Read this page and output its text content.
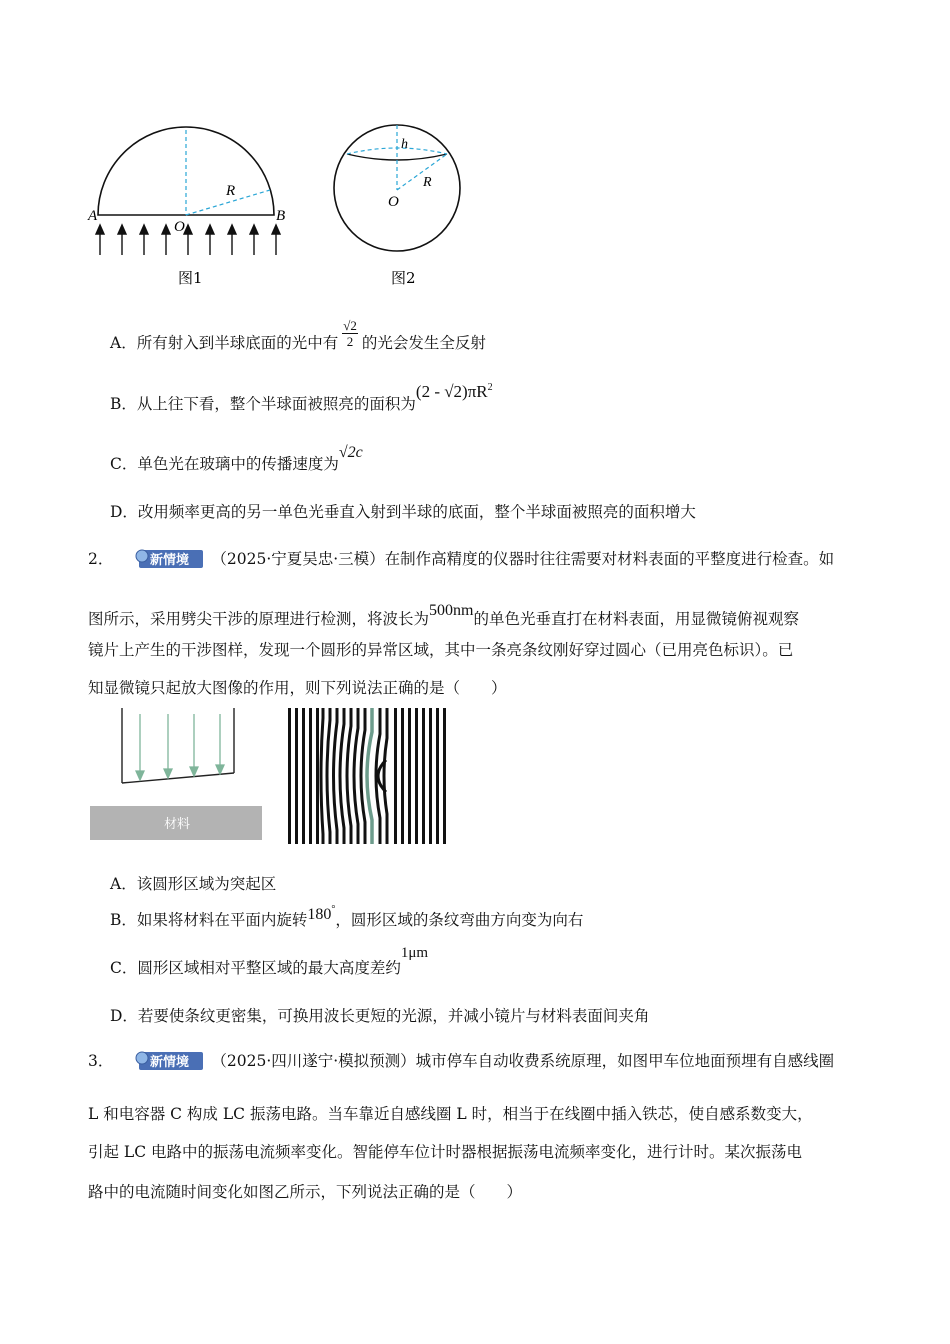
A	B
O
R
图1
h
R
O
图2
A．所有射入到半球底面的光中有 $\frac{√2}{2}$ 的光会发生全反射
B．从上往下看，整个半球面被照亮的面积为$(2 - √2)\pi R^2$
C．单色光在玻璃中的传播速度为√2c
D．改用频率更高的另一单色光垂直入射到半球的底面，整个半球面被照亮的面积增大
2．	新情境 （2025·宁夏吴忠·三模）在制作高精度的仪器时往往需要对材料表面的平整度进行检查。如
图所示，采用劈尖干涉的原理进行检测，将波长为500nm的单色光垂直打在材料表面，用显微镜俯视观察
镜片上产生的干涉图样，发现一个圆形的异常区域，其中一条亮条纹刚好穿过圆心（已用亮色标识）。已
知显微镜只起放大图像的作用，则下列说法正确的是（　　）
材料
A．该圆形区域为突起区
B．如果将材料在平面内旋转180°，圆形区域的条纹弯曲方向变为向右
C．圆形区域相对平整区域的最大高度差约1μm
D．若要使条纹更密集，可换用波长更短的光源，并减小镜片与材料表面间夹角
3．	新情境 （2025·四川遂宁·模拟预测）城市停车自动收费系统原理，如图甲车位地面预埋有自感线圈
L 和电容器 C 构成 LC 振荡电路。当车靠近自感线圈 L 时，相当于在线圈中插入铁芯，使自感系数变大，
引起 LC 电路中的振荡电流频率变化。智能停车位计时器根据振荡电流频率变化，进行计时。某次振荡电
路中的电流随时间变化如图乙所示，下列说法正确的是（　　）
